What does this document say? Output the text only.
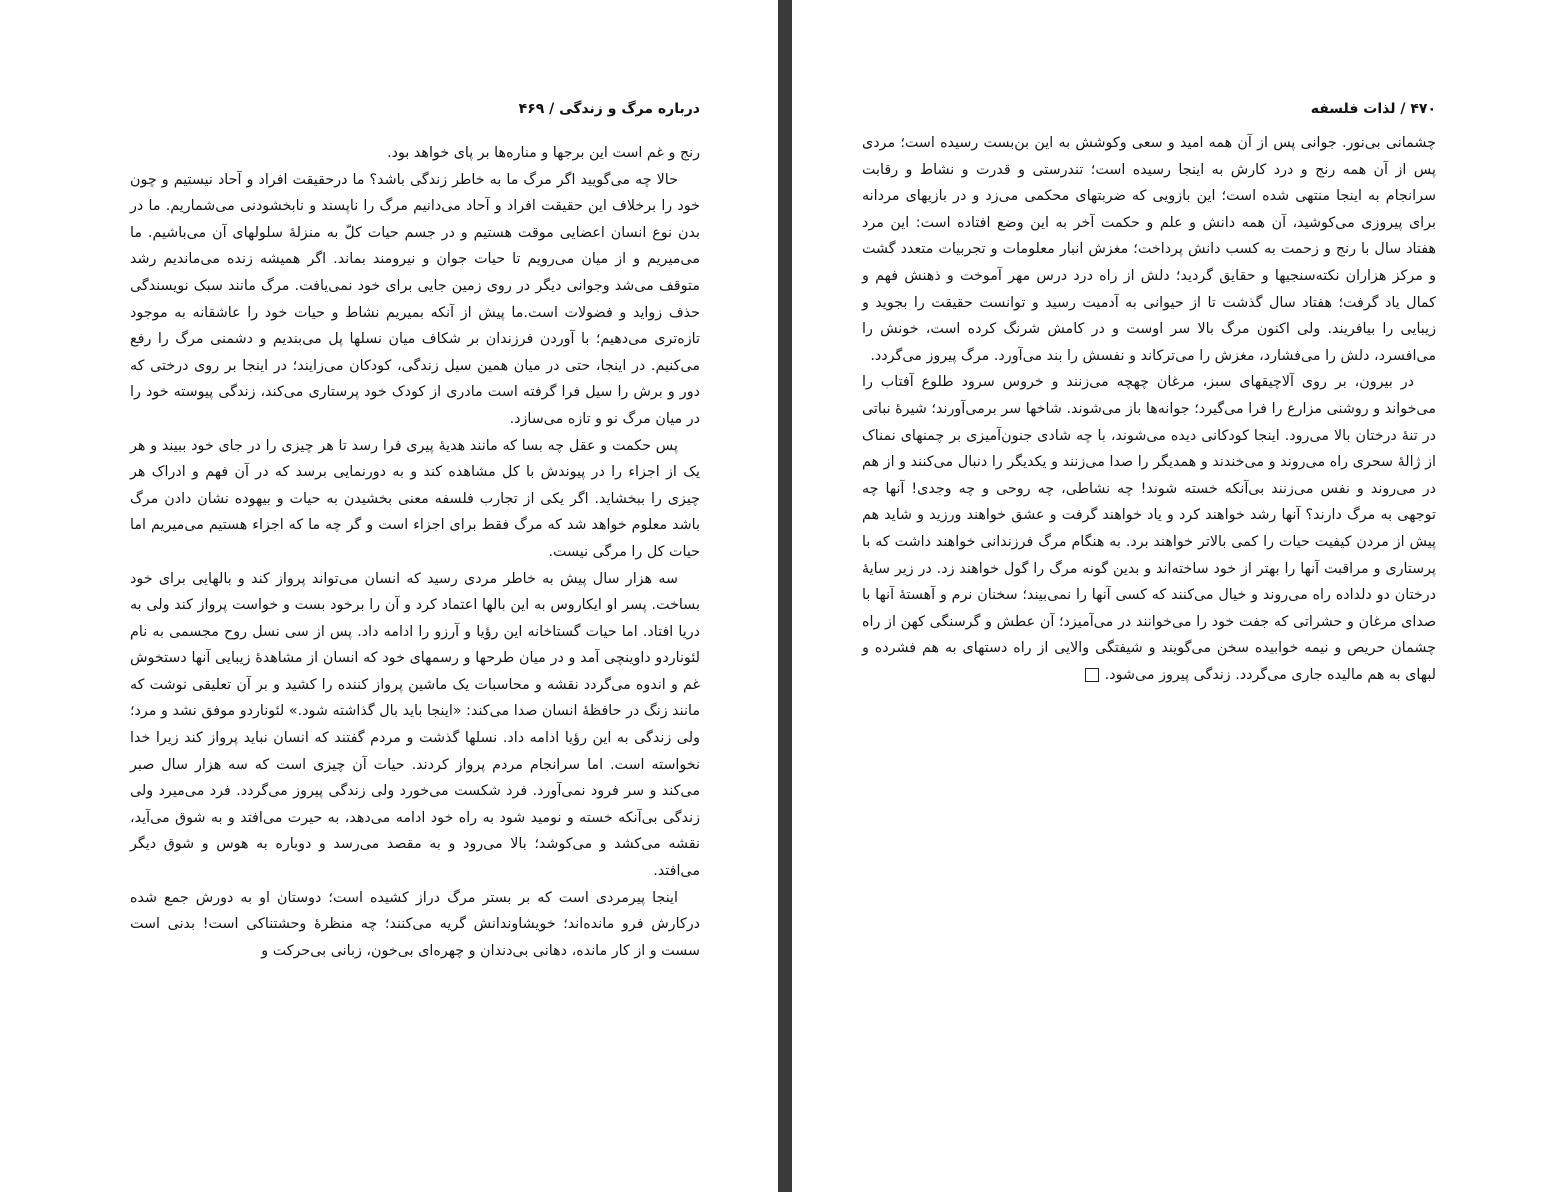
درباره مرگ و زندگی / ۴۶۹

رنج و غم است این برجها و مناره‌ها بر پای خواهد بود.

حالا چه می‌گویید اگر مرگ ما به خاطر زندگی باشد؟ ما درحقیقت افراد و آحاد نیستیم و چون خود را برخلاف این حقیقت افراد و آحاد می‌دانیم مرگ را ناپسند و نابخشودنی می‌شماریم. ما در بدن نوع انسان اعضایی موقت هستیم و در جسم حیات کلّ به منزلهٔ سلولهای آن می‌باشیم. ما می‌میریم و از میان می‌رویم تا حیات جوان و نیرومند بماند. اگر همیشه زنده می‌ماندیم رشد متوقف می‌شد وجوانی دیگر در روی زمین جایی برای خود نمی‌یافت. مرگ مانند سبک نویسندگی حذف زواید و فضولات است.ما پیش از آنکه بمیریم نشاط و حیات خود را عاشقانه به موجود تازه‌تری می‌دهیم؛ با آوردن فرزندان بر شکاف میان نسلها پل می‌بندیم و دشمنی مرگ را رفع می‌کنیم. در اینجا، حتی در میان همین سیل زندگی، کودکان می‌زایند؛ در اینجا بر روی درختی که دور و برش را سیل فرا گرفته است مادری از کودک خود پرستاری می‌کند، زندگی پیوسته خود را در میان مرگ نو و تازه می‌سازد.

پس حکمت و عقل چه بسا که مانند هدیهٔ پیری فرا رسد تا هر چیزی را در جای خود ببیند و هر یک از اجزاء را در پیوندش با کل مشاهده کند و به دورنمایی برسد که در آن فهم و ادراک هر چیزی را ببخشاید. اگر یکی از تجارب فلسفه معنی بخشیدن به حیات و بیهوده نشان دادن مرگ باشد معلوم خواهد شد که مرگ فقط برای اجزاء است و گر چه ما که اجزاء هستیم می‌میریم اما حیات کل را مرگی نیست.

سه هزار سال پیش به خاطر مردی رسید که انسان می‌تواند پرواز کند و بالهایی برای خود بساخت. پسر او ایکاروس به این بالها اعتماد کرد و آن را برخود بست و خواست پرواز کند ولی به دریا افتاد. اما حیات گستاخانه این رؤیا و آرزو را ادامه داد. پس از سی نسل روح مجسمی به نام لئوناردو داوینچی آمد و در میان طرحها و رسمهای خود که انسان از مشاهدهٔ زیبایی آنها دستخوش غم و اندوه می‌گردد نقشه و محاسبات یک ماشین پرواز کننده را کشید و بر آن تعلیقی نوشت که مانند زنگ در حافظهٔ انسان صدا می‌کند: «اینجا باید بال گذاشته شود.» لئوناردو موفق نشد و مرد؛ ولی زندگی به این رؤیا ادامه داد. نسلها گذشت و مردم گفتند که انسان نباید پرواز کند زیرا خدا نخواسته است. اما سرانجام مردم پرواز کردند. حیات آن چیزی است که سه هزار سال صبر می‌کند و سر فرود نمی‌آورد. فرد شکست می‌خورد ولی زندگی پیروز می‌گردد. فرد می‌میرد ولی زندگی بی‌آنکه خسته و نومید شود به راه خود ادامه می‌دهد، به حیرت می‌افتد و به شوق می‌آید، نقشه می‌کشد و می‌کوشد؛ بالا می‌رود و به مقصد می‌رسد و دوباره به هوس و شوق دیگر می‌افتد.

اینجا پیرمردی است که بر بستر مرگ دراز کشیده است؛ دوستان او به دورش جمع شده درکارش فرو مانده‌اند؛ خویشاوندانش گریه می‌کنند؛ چه منظرهٔ وحشتناکی است! بدنی است سست و از کار مانده، دهانی بی‌دندان و چهره‌ای بی‌خون، زبانی بی‌حرکت و

۴۷۰ / لذات فلسفه

چشمانی بی‌نور. جوانی پس از آن همه امید و سعی وکوشش به این بن‌بست رسیده است؛ مردی پس از آن همه رنج و درد کارش به اینجا رسیده است؛ تندرستی و قدرت و نشاط و رقابت سرانجام به اینجا منتهی شده است؛ این بازویی که ضربتهای محکمی می‌زد و در بازیهای مردانه برای پیروزی می‌کوشید، آن همه دانش و علم و حکمت آخر به این وضع افتاده است: این مرد هفتاد سال با رنج و زحمت به کسب دانش پرداخت؛ مغزش انبار معلومات و تجربیات متعدد گشت و مرکز هزاران نکته‌سنجیها و حقایق گردید؛ دلش از راه درد درس مهر آموخت و ذهنش فهم و کمال یاد گرفت؛ هفتاد سال گذشت تا از حیوانی به آدمیت رسید و توانست حقیقت را بجوید و زیبایی را بیافریند. ولی اکنون مرگ بالا سر اوست و در کامش شرنگ کرده است، خونش را می‌افسرد، دلش را می‌فشارد، مغزش را می‌ترکاند و نفسش را بند می‌آورد. مرگ پیروز می‌گردد.

در بیرون، بر روی آلاچیقهای سبز، مرغان چهچه می‌زنند و خروس سرود طلوع آفتاب را می‌خواند و روشنی مزارع را فرا می‌گیرد؛ جوانه‌ها باز می‌شوند. شاخها سر برمی‌آورند؛ شیرهٔ نباتی در تنهٔ درختان بالا می‌رود. اینجا کودکانی دیده می‌شوند، با چه شادی جنون‌آمیزی بر چمنهای نمناک از ژالهٔ سحری راه می‌روند و می‌خندند و همدیگر را صدا می‌زنند و یکدیگر را دنبال می‌کنند و از هم در می‌روند و نفس می‌زنند بی‌آنکه خسته شوند! چه نشاطی، چه روحی و چه وجدی! آنها چه توجهی به مرگ دارند؟ آنها رشد خواهند کرد و یاد خواهند گرفت و عشق خواهند ورزید و شاید هم پیش از مردن کیفیت حیات را کمی بالاتر خواهند برد. به هنگام مرگ فرزندانی خواهند داشت که با پرستاری و مراقبت آنها را بهتر از خود ساخته‌اند و بدین گونه مرگ را گول خواهند زد. در زیر سایهٔ درختان دو دلداده راه می‌روند و خیال می‌کنند که کسی آنها را نمی‌بیند؛ سخنان نرم و آهستهٔ آنها با صدای مرغان و حشراتی که جفت خود را می‌خوانند در می‌آمیزد؛ آن عطش و گرسنگی کهن از راه چشمان حریص و نیمه خوابیده سخن می‌گویند و شیفتگی والایی از راه دستهای به هم فشرده و لبهای به هم مالیده جاری می‌گردد. زندگی پیروز می‌شود.
